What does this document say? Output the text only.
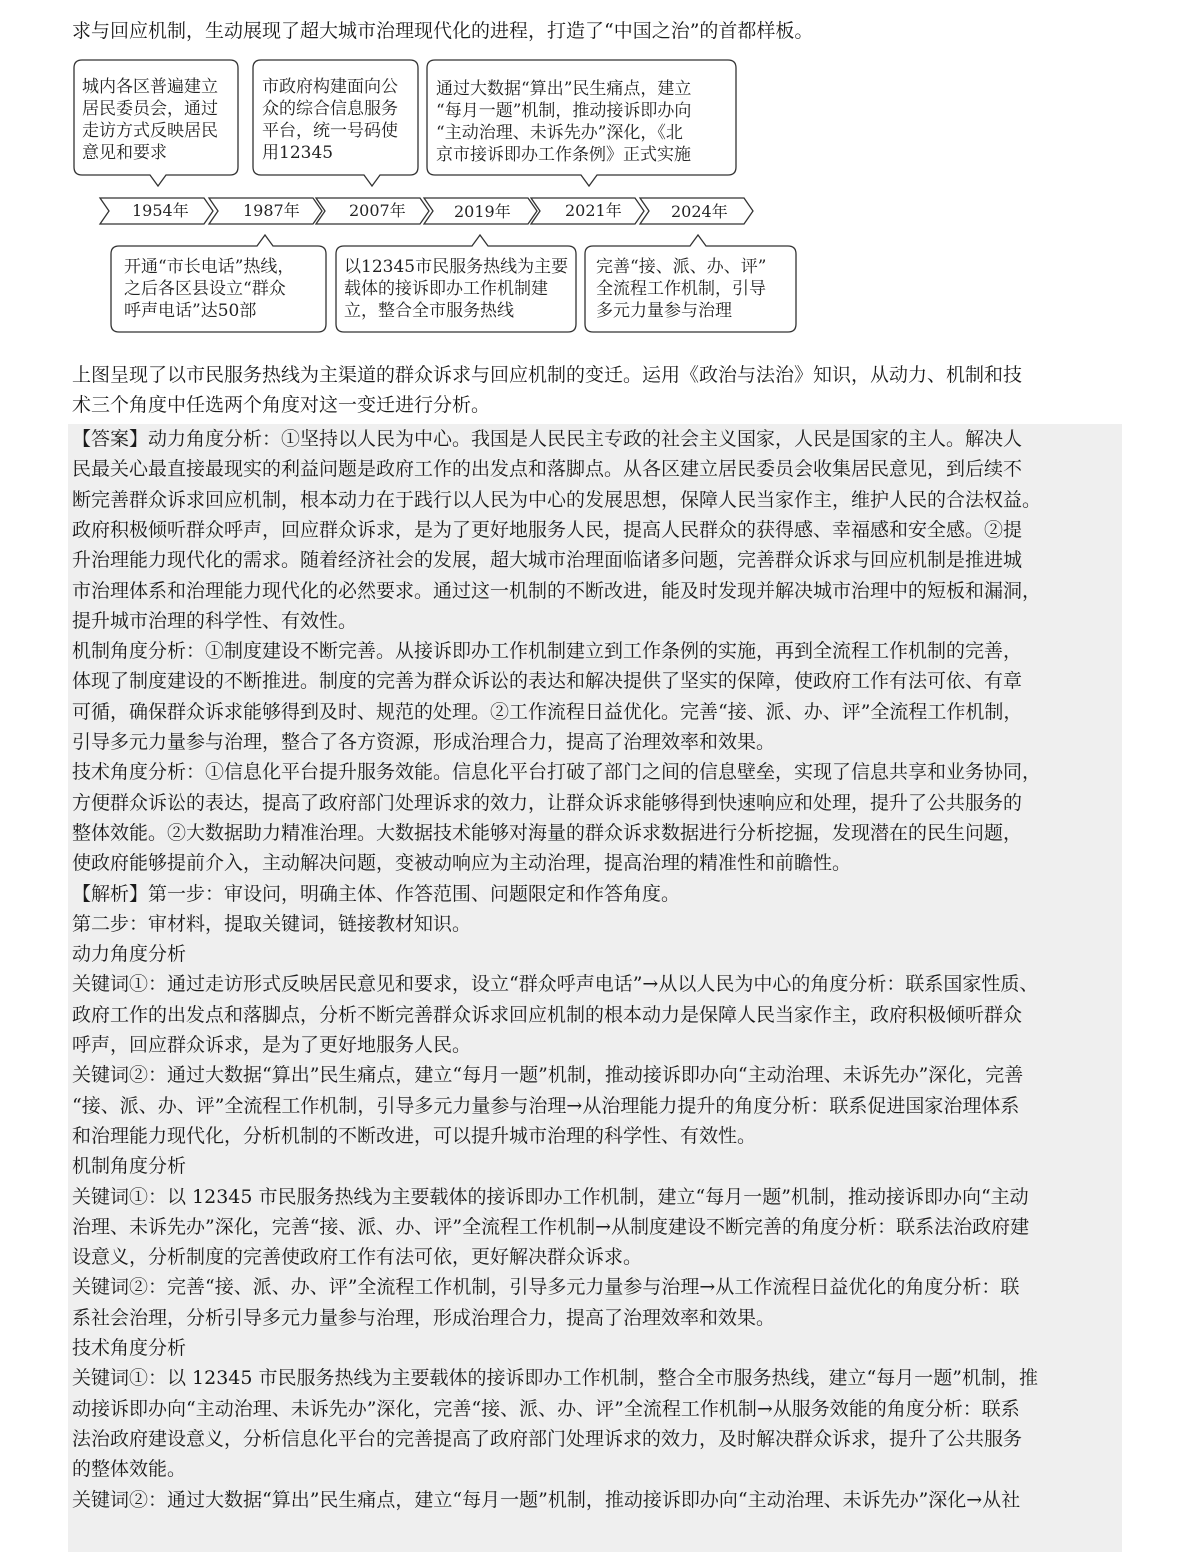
求与回应机制，生动展现了超大城市治理现代化的进程，打造了“中国之治”的首都样板。
1954年	1987年	2007年	2019年	2021年	2024年
城内各区普遍建立
居民委员会，通过
走访方式反映居民
意见和要求
市政府构建面向公
众的综合信息服务
平台，统一号码使
用12345
通过大数据“算出”民生痛点，建立
“每月一题”机制，推动接诉即办向
“主动治理、未诉先办”深化，《北
京市接诉即办工作条例》正式实施
开通“市长电话”热线，
之后各区县设立“群众
呼声电话”达50部
以12345市民服务热线为主要
载体的接诉即办工作机制建
立，整合全市服务热线
完善“接、派、办、评”
全流程工作机制，引导
多元力量参与治理
上图呈现了以市民服务热线为主渠道的群众诉求与回应机制的变迁。运用《政治与法治》知识，从动力、机制和技
术三个角度中任选两个角度对这一变迁进行分析。
【答案】动力角度分析：①坚持以人民为中心。我国是人民民主专政的社会主义国家，人民是国家的主人。解决人
民最关心最直接最现实的利益问题是政府工作的出发点和落脚点。从各区建立居民委员会收集居民意见，到后续不
断完善群众诉求回应机制，根本动力在于践行以人民为中心的发展思想，保障人民当家作主，维护人民的合法权益。
政府积极倾听群众呼声，回应群众诉求，是为了更好地服务人民，提高人民群众的获得感、幸福感和安全感。②提
升治理能力现代化的需求。随着经济社会的发展，超大城市治理面临诸多问题，完善群众诉求与回应机制是推进城
市治理体系和治理能力现代化的必然要求。通过这一机制的不断改进，能及时发现并解决城市治理中的短板和漏洞，
提升城市治理的科学性、有效性。
机制角度分析：①制度建设不断完善。从接诉即办工作机制建立到工作条例的实施，再到全流程工作机制的完善，
体现了制度建设的不断推进。制度的完善为群众诉讼的表达和解决提供了坚实的保障，使政府工作有法可依、有章
可循，确保群众诉求能够得到及时、规范的处理。②工作流程日益优化。完善“接、派、办、评”全流程工作机制，
引导多元力量参与治理，整合了各方资源，形成治理合力，提高了治理效率和效果。
技术角度分析：①信息化平台提升服务效能。信息化平台打破了部门之间的信息壁垒，实现了信息共享和业务协同，
方便群众诉讼的表达，提高了政府部门处理诉求的效力，让群众诉求能够得到快速响应和处理，提升了公共服务的
整体效能。②大数据助力精准治理。大数据技术能够对海量的群众诉求数据进行分析挖掘，发现潜在的民生问题，
使政府能够提前介入，主动解决问题，变被动响应为主动治理，提高治理的精准性和前瞻性。
【解析】第一步：审设问，明确主体、作答范围、问题限定和作答角度。
第二步：审材料，提取关键词，链接教材知识。
动力角度分析
关键词①：通过走访形式反映居民意见和要求，设立“群众呼声电话”→从以人民为中心的角度分析：联系国家性质、
政府工作的出发点和落脚点，分析不断完善群众诉求回应机制的根本动力是保障人民当家作主，政府积极倾听群众
呼声，回应群众诉求，是为了更好地服务人民。
关键词②：通过大数据“算出”民生痛点，建立“每月一题”机制，推动接诉即办向“主动治理、未诉先办”深化，完善
“接、派、办、评”全流程工作机制，引导多元力量参与治理→从治理能力提升的角度分析：联系促进国家治理体系
和治理能力现代化，分析机制的不断改进，可以提升城市治理的科学性、有效性。
机制角度分析
关键词①：以 12345 市民服务热线为主要载体的接诉即办工作机制，建立“每月一题”机制，推动接诉即办向“主动
治理、未诉先办”深化，完善“接、派、办、评”全流程工作机制→从制度建设不断完善的角度分析：联系法治政府建
设意义，分析制度的完善使政府工作有法可依，更好解决群众诉求。
关键词②：完善“接、派、办、评”全流程工作机制，引导多元力量参与治理→从工作流程日益优化的角度分析：联
系社会治理，分析引导多元力量参与治理，形成治理合力，提高了治理效率和效果。
技术角度分析
关键词①：以 12345 市民服务热线为主要载体的接诉即办工作机制，整合全市服务热线，建立“每月一题”机制，推
动接诉即办向“主动治理、未诉先办”深化，完善“接、派、办、评”全流程工作机制→从服务效能的角度分析：联系
法治政府建设意义，分析信息化平台的完善提高了政府部门处理诉求的效力，及时解决群众诉求，提升了公共服务
的整体效能。
关键词②：通过大数据“算出”民生痛点，建立“每月一题”机制，推动接诉即办向“主动治理、未诉先办”深化→从社
